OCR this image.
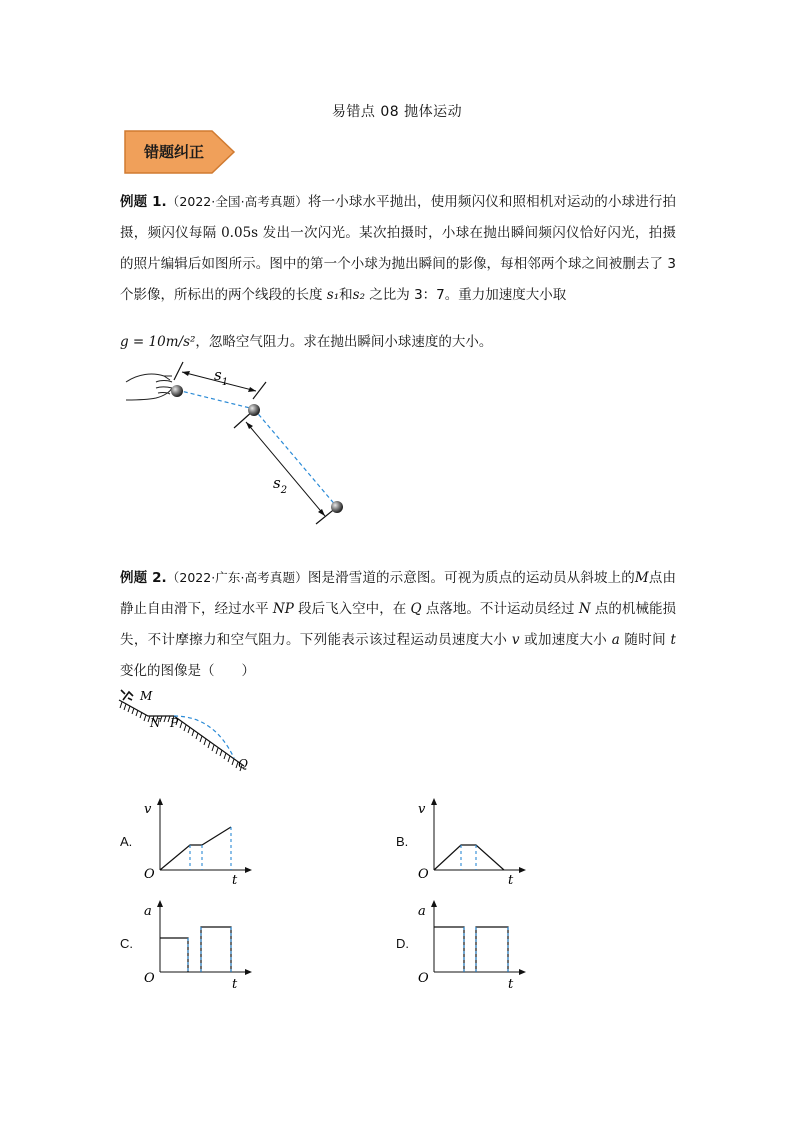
易错点 08 抛体运动
错题纠正
例题 1.（2022·全国·高考真题）将一小球水平抛出，使用频闪仪和照相机对运动的小球进行拍摄，频闪仪每隔 0.05s 发出一次闪光。某次拍摄时，小球在抛出瞬间频闪仪恰好闪光，拍摄的照片编辑后如图所示。图中的第一个小球为抛出瞬间的影像，每相邻两个球之间被删去了 3 个影像，所标出的两个线段的长度 s₁和s₂ 之比为 3：7。重力加速度大小取
g = 10m/s²，忽略空气阻力。求在抛出瞬间小球速度的大小。
$s_1$
$s_2$
例题 2.（2022·广东·高考真题）图是滑雪道的示意图。可视为质点的运动员从斜坡上的M点由静止自由滑下，经过水平 NP 段后飞入空中，在 Q 点落地。不计运动员经过 N 点的机械能损失，不计摩擦力和空气阻力。下列能表示该过程运动员速度大小 v 或加速度大小 a 随时间 t 变化的图像是（　　）
M
N P
Q
A.
v
t
O
B.
v
t
O
C.
a
t
O
D.
a
t
O
